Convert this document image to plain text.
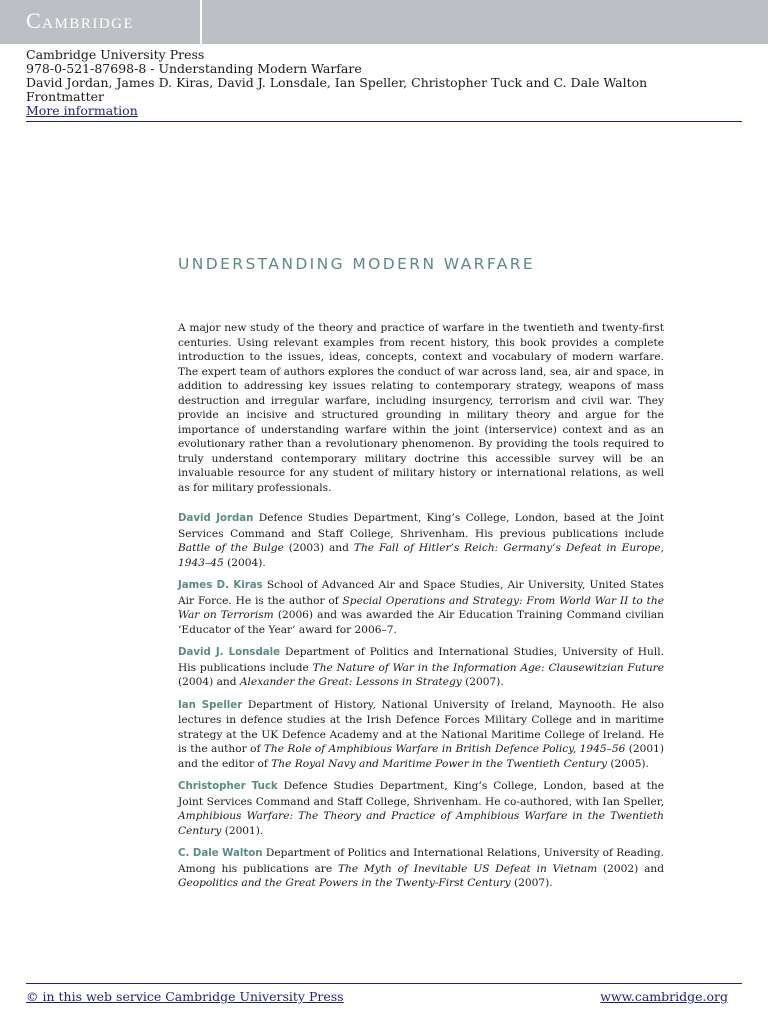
Cambridge
Cambridge University Press
978-0-521-87698-8 - Understanding Modern Warfare
David Jordan, James D. Kiras, David J. Lonsdale, Ian Speller, Christopher Tuck and C. Dale Walton
Frontmatter
More information
UNDERSTANDING MODERN WARFARE

A major new study of the theory and practice of warfare in the twentieth and twenty-first centuries. Using relevant examples from recent history, this book provides a complete introduction to the issues, ideas, concepts, context and vocabulary of modern warfare. The expert team of authors explores the conduct of war across land, sea, air and space, in addition to addressing key issues relating to contemporary strategy, weapons of mass destruction and irregular warfare, including insurgency, terrorism and civil war. They provide an incisive and structured grounding in military theory and argue for the importance of understanding warfare within the joint (interservice) context and as an evolutionary rather than a revolutionary phenomenon. By providing the tools required to truly understand contemporary military doctrine this accessible survey will be an invaluable resource for any student of military history or international relations, as well as for military professionals.

David Jordan Defence Studies Department, King’s College, London, based at the Joint Services Command and Staff College, Shrivenham. His previous publications include Battle of the Bulge (2003) and The Fall of Hitler’s Reich: Germany’s Defeat in Europe, 1943–45 (2004).

James D. Kiras School of Advanced Air and Space Studies, Air University, United States Air Force. He is the author of Special Operations and Strategy: From World War II to the War on Terrorism (2006) and was awarded the Air Education Training Command civilian ‘Educator of the Year’ award for 2006–7.

David J. Lonsdale Department of Politics and International Studies, University of Hull. His publications include The Nature of War in the Information Age: Clausewitzian Future (2004) and Alexander the Great: Lessons in Strategy (2007).

Ian Speller Department of History, National University of Ireland, Maynooth. He also lectures in defence studies at the Irish Defence Forces Military College and in maritime strategy at the UK Defence Academy and at the National Maritime College of Ireland. He is the author of The Role of Amphibious Warfare in British Defence Policy, 1945–56 (2001) and the editor of The Royal Navy and Maritime Power in the Twentieth Century (2005).

Christopher Tuck Defence Studies Department, King’s College, London, based at the Joint Services Command and Staff College, Shrivenham. He co-authored, with Ian Speller, Amphibious Warfare: The Theory and Practice of Amphibious Warfare in the Twentieth Century (2001).

C. Dale Walton Department of Politics and International Relations, University of Reading. Among his publications are The Myth of Inevitable US Defeat in Vietnam (2002) and Geopolitics and the Great Powers in the Twenty-First Century (2007).

© in this web service Cambridge University Press	www.cambridge.org
